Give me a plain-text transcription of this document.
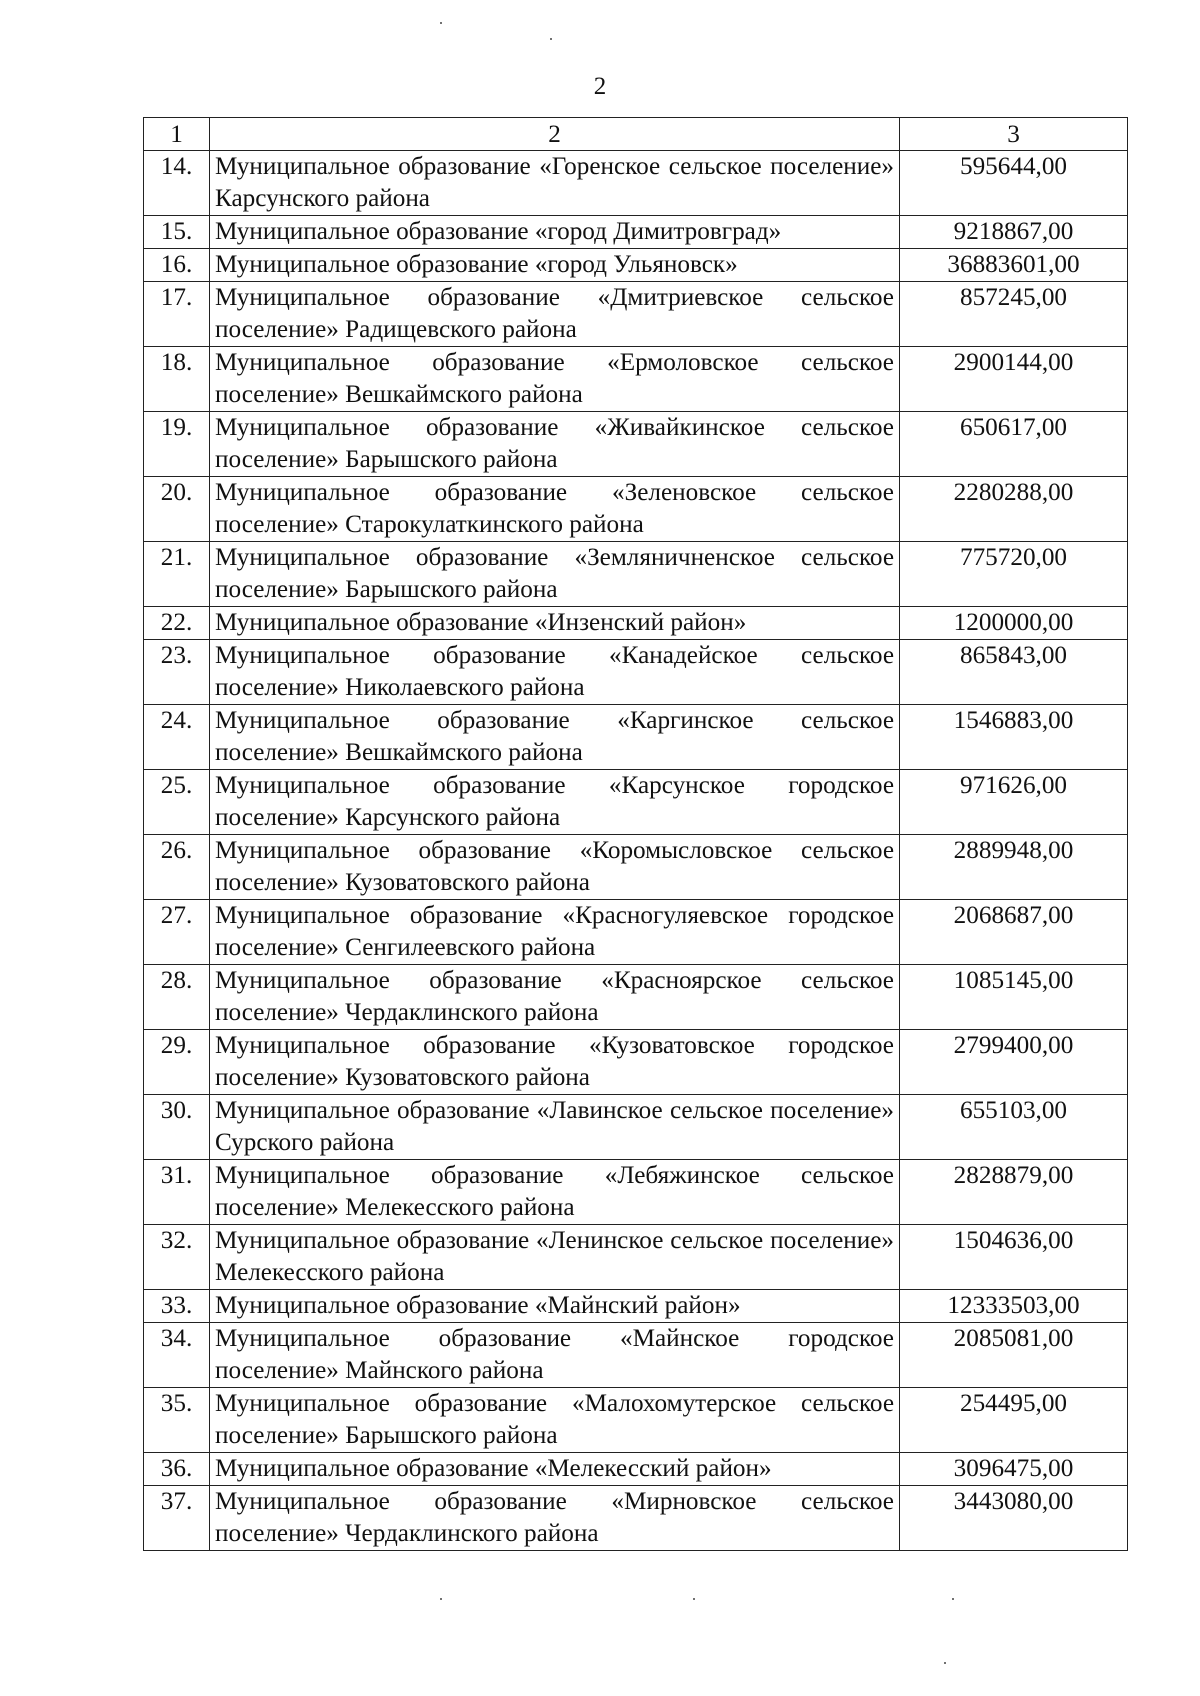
2
1	2	3
14.	Муниципальное образование «Горенское сельское поселение» Карсунского района	595644,00
15.	Муниципальное образование «город Димитровград»	9218867,00
16.	Муниципальное образование «город Ульяновск»	36883601,00
17.	Муниципальное образование «Дмитриевское сельское поселение» Радищевского района	857245,00
18.	Муниципальное образование «Ермоловское сельское поселение» Вешкаймского района	2900144,00
19.	Муниципальное образование «Живайкинское сельское поселение» Барышского района	650617,00
20.	Муниципальное образование «Зеленовское сельское поселение» Старокулаткинского района	2280288,00
21.	Муниципальное образование «Земляничненское сельское поселение» Барышского района	775720,00
22.	Муниципальное образование «Инзенский район»	1200000,00
23.	Муниципальное образование «Канадейское сельское поселение» Николаевского района	865843,00
24.	Муниципальное образование «Каргинское сельское поселение» Вешкаймского района	1546883,00
25.	Муниципальное образование «Карсунское городское поселение» Карсунского района	971626,00
26.	Муниципальное образование «Коромысловское сельское поселение» Кузоватовского района	2889948,00
27.	Муниципальное образование «Красногуляевское городское поселение» Сенгилеевского района	2068687,00
28.	Муниципальное образование «Красноярское сельское поселение» Чердаклинского района	1085145,00
29.	Муниципальное образование «Кузоватовское городское поселение» Кузоватовского района	2799400,00
30.	Муниципальное образование «Лавинское сельское поселение» Сурского района	655103,00
31.	Муниципальное образование «Лебяжинское сельское поселение» Мелекесского района	2828879,00
32.	Муниципальное образование «Ленинское сельское поселение» Мелекесского района	1504636,00
33.	Муниципальное образование «Майнский район»	12333503,00
34.	Муниципальное образование «Майнское городское поселение» Майнского района	2085081,00
35.	Муниципальное образование «Малохомутерское сельское поселение» Барышского района	254495,00
36.	Муниципальное образование «Мелекесский район»	3096475,00
37.	Муниципальное образование «Мирновское сельское поселение» Чердаклинского района	3443080,00
